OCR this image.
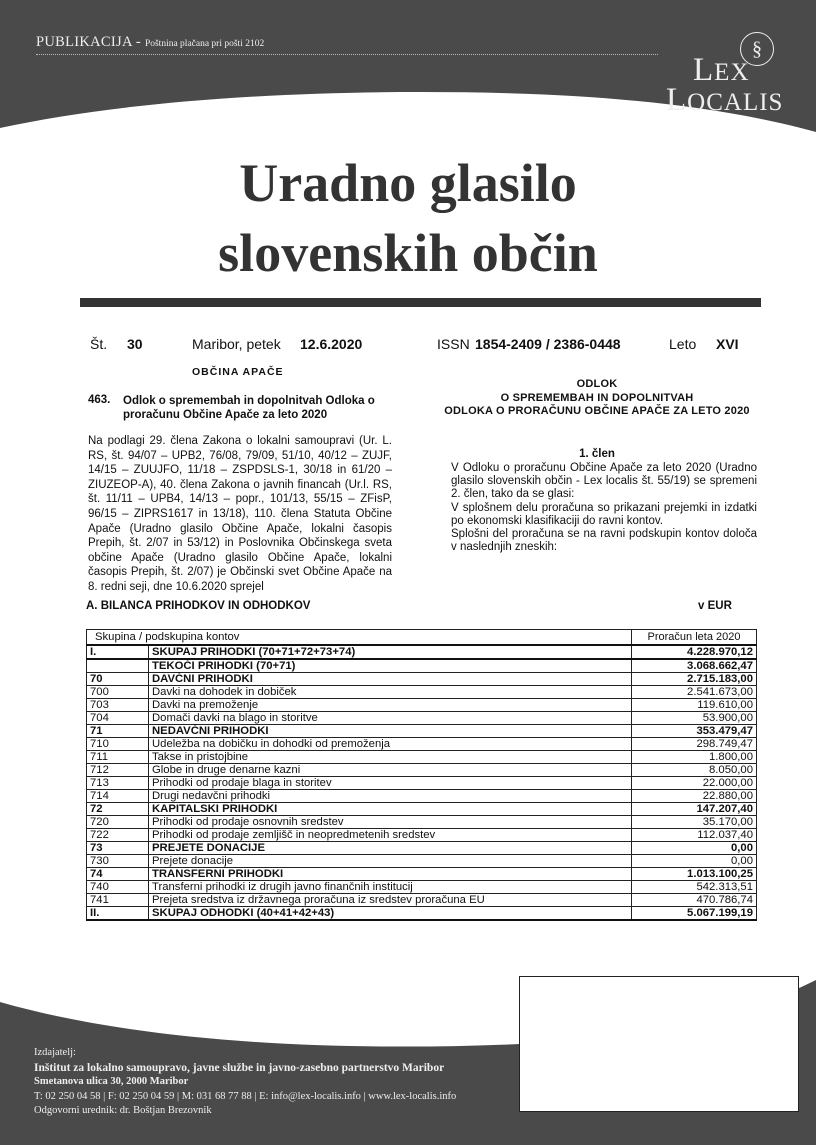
PUBLIKACIJA - Poštnina plačana pri pošti 2102	§
LEX
LOCALIS
Uradno glasilo
slovenskih občin
Št. 30	Maribor, petek 12.6.2020	ISSN 1854-2409 / 2386-0448	Leto XVI
OBČINA APAČE
463. Odlok o spremembah in dopolnitvah Odloka o proračunu Občine Apače za leto 2020
Na podlagi 29. člena Zakona o lokalni samoupravi (Ur. L. RS, št. 94/07 – UPB2, 76/08, 79/09, 51/10, 40/12 – ZUJF, 14/15 – ZUUJFO, 11/18 – ZSPDSLS-1, 30/18 in 61/20 – ZIUZEOP-A), 40. člena Zakona o javnih financah (Ur.l. RS, št. 11/11 – UPB4, 14/13 – popr., 101/13, 55/15 – ZFisP, 96/15 – ZIPRS1617 in 13/18), 110. člena Statuta Občine Apače (Uradno glasilo Občine Apače, lokalni časopis Prepih, št. 2/07 in 53/12) in Poslovnika Občinskega sveta občine Apače (Uradno glasilo Občine Apače, lokalni časopis Prepih, št. 2/07) je Občinski svet Občine Apače na 8. redni seji, dne 10.6.2020 sprejel
ODLOK
O SPREMEMBAH IN DOPOLNITVAH
ODLOKA O PRORAČUNU OBČINE APAČE ZA LETO 2020
1. člen
V Odloku o proračunu Občine Apače za leto 2020 (Uradno glasilo slovenskih občin - Lex localis št. 55/19) se spremeni 2. člen, tako da se glasi:
V splošnem delu proračuna so prikazani prejemki in izdatki po ekonomski klasifikaciji do ravni kontov.
Splošni del proračuna se na ravni podskupin kontov določa v naslednjih zneskih:
A. BILANCA PRIHODKOV IN ODHODKOV	v EUR
Skupina / podskupina kontov		Proračun leta 2020
I.	SKUPAJ PRIHODKI (70+71+72+73+74)	4.228.970,12
	TEKOČI PRIHODKI (70+71)	3.068.662,47
70	DAVČNI PRIHODKI	2.715.183,00
700	Davki na dohodek in dobiček	2.541.673,00
703	Davki na premoženje	119.610,00
704	Domači davki na blago in storitve	53.900,00
71	NEDAVČNI PRIHODKI	353.479,47
710	Udeležba na dobičku in dohodki od premoženja	298.749,47
711	Takse in pristojbine	1.800,00
712	Globe in druge denarne kazni	8.050,00
713	Prihodki od prodaje blaga in storitev	22.000,00
714	Drugi nedavčni prihodki	22.880,00
72	KAPITALSKI PRIHODKI	147.207,40
720	Prihodki od prodaje osnovnih sredstev	35.170,00
722	Prihodki od prodaje zemljišč in neopredmetenih sredstev	112.037,40
73	PREJETE DONACIJE	0,00
730	Prejete donacije	0,00
74	TRANSFERNI PRIHODKI	1.013.100,25
740	Transferni prihodki iz drugih javno finančnih institucij	542.313,51
741	Prejeta sredstva iz državnega proračuna iz sredstev proračuna EU	470.786,74
II.	SKUPAJ ODHODKI (40+41+42+43)	5.067.199,19
Izdajatelj:
Inštitut za lokalno samoupravo, javne službe in javno-zasebno partnerstvo Maribor
Smetanova ulica 30, 2000 Maribor
T: 02 250 04 58 | F: 02 250 04 59 | M: 031 68 77 88 | E: info@lex-localis.info | www.lex-localis.info
Odgovorni urednik: dr. Boštjan Brezovnik
